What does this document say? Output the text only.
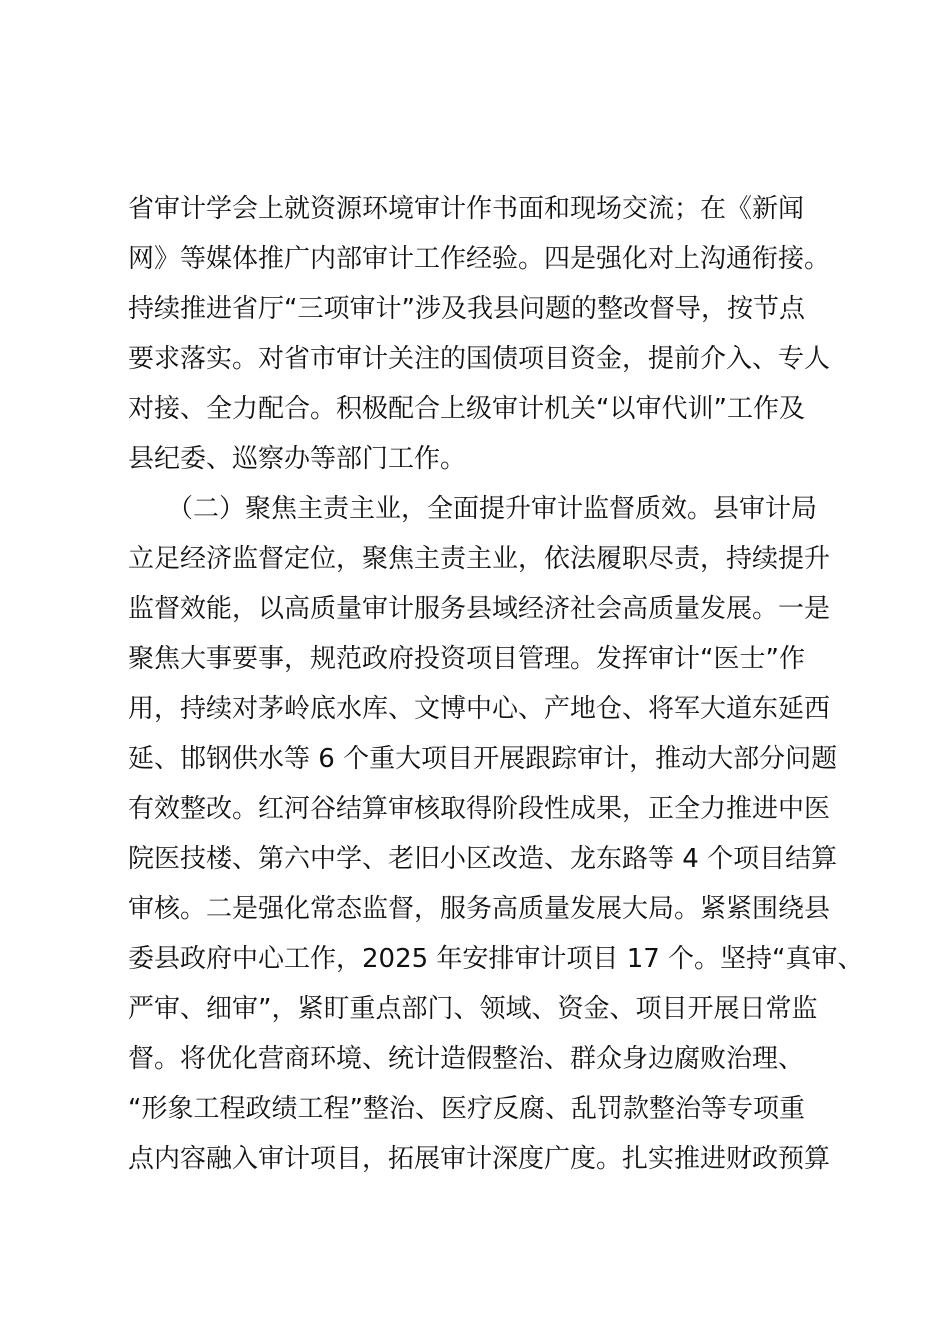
省审计学会上就资源环境审计作书面和现场交流；在《新闻
网》等媒体推广内部审计工作经验。四是强化对上沟通衔接。
持续推进省厅“三项审计”涉及我县问题的整改督导，按节点
要求落实。对省市审计关注的国债项目资金，提前介入、专人
对接、全力配合。积极配合上级审计机关“以审代训”工作及
县纪委、巡察办等部门工作。
　　（二）聚焦主责主业，全面提升审计监督质效。县审计局
立足经济监督定位，聚焦主责主业，依法履职尽责，持续提升
监督效能，以高质量审计服务县域经济社会高质量发展。一是
聚焦大事要事，规范政府投资项目管理。发挥审计“医士”作
用，持续对茅岭底水库、文博中心、产地仓、将军大道东延西
延、邯钢供水等 6 个重大项目开展跟踪审计，推动大部分问题
有效整改。红河谷结算审核取得阶段性成果，正全力推进中医
院医技楼、第六中学、老旧小区改造、龙东路等 4 个项目结算
审核。二是强化常态监督，服务高质量发展大局。紧紧围绕县
委县政府中心工作，2025 年安排审计项目 17 个。坚持“真审、
严审、细审”，紧盯重点部门、领域、资金、项目开展日常监
督。将优化营商环境、统计造假整治、群众身边腐败治理、
“形象工程政绩工程”整治、医疗反腐、乱罚款整治等专项重
点内容融入审计项目，拓展审计深度广度。扎实推进财政预算
